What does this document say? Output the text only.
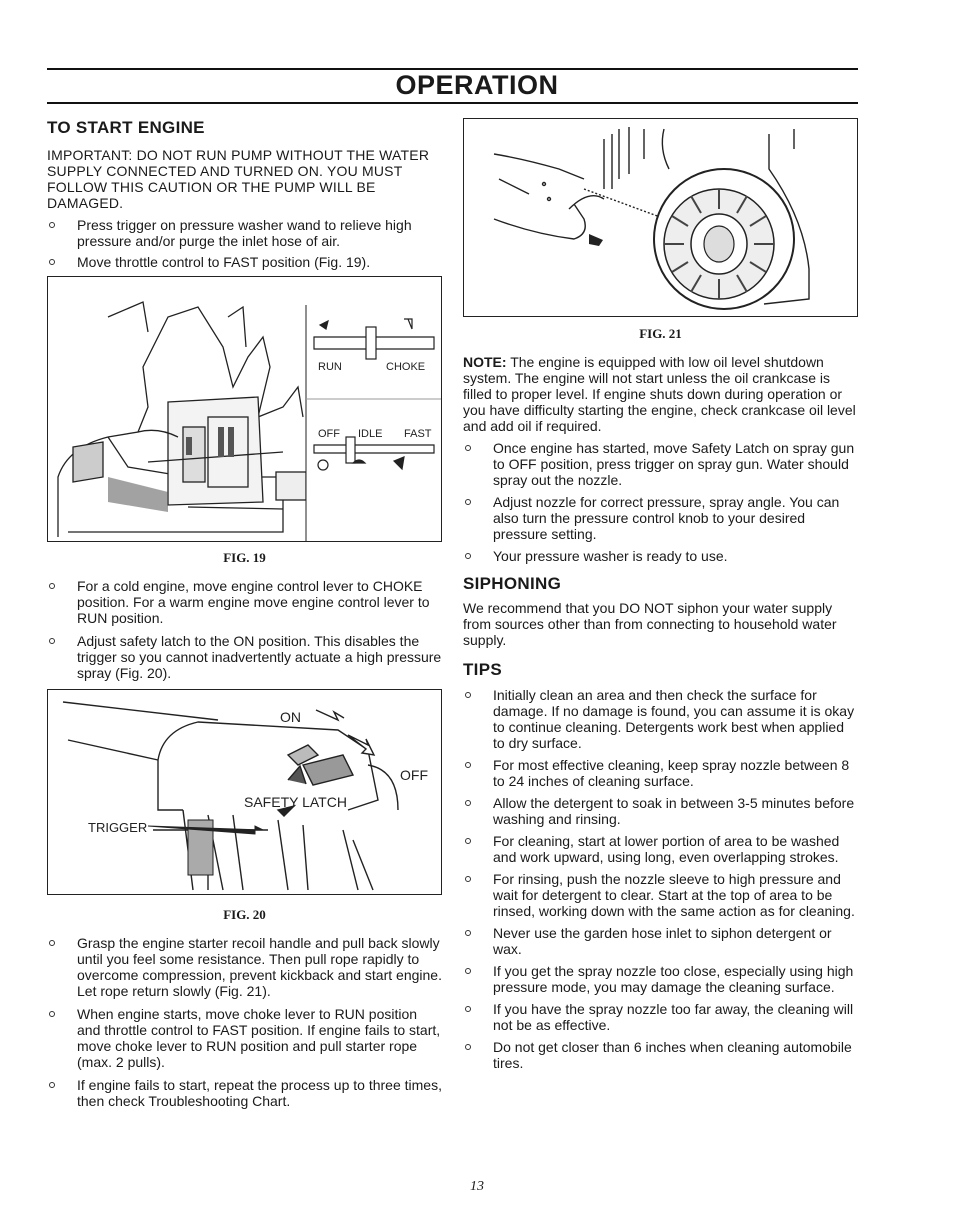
OPERATION
TO START ENGINE

IMPORTANT: DO NOT RUN PUMP WITHOUT THE WATER SUPPLY CONNECTED AND TURNED ON. YOU MUST FOLLOW THIS CAUTION OR THE PUMP WILL BE DAMAGED.

Press trigger on pressure washer wand to relieve high pressure and/or purge the inlet hose of air.
Move throttle control to FAST position (Fig. 19).
RUN	CHOKE
OFF IDLE FAST
FIG. 19
For a cold engine, move engine control lever to CHOKE position. For a warm engine move engine control lever to RUN position.
Adjust safety latch to the ON position. This disables the trigger so you cannot inadvertently actuate a high pressure spray (Fig. 20).
ON
OFF
SAFETY LATCH
TRIGGER
FIG. 20
Grasp the engine starter recoil handle and pull back slowly until you feel some resistance. Then pull rope rapidly to overcome compression, prevent kickback and start engine. Let rope return slowly (Fig. 21).
When engine starts, move choke lever to RUN position and throttle control to FAST position. If engine fails to start, move choke lever to RUN position and pull starter rope (max. 2 pulls).
If engine fails to start, repeat the process up to three times, then check Troubleshooting Chart.
FIG. 21

NOTE: The engine is equipped with low oil level shutdown system. The engine will not start unless the oil crankcase is filled to proper level. If engine shuts down during operation or you have difficulty starting the engine, check crankcase oil level and add oil if required.

Once engine has started, move Safety Latch on spray gun to OFF position, press trigger on spray gun. Water should spray out the nozzle.
Adjust nozzle for correct pressure, spray angle. You can also turn the pressure control knob to your desired pressure setting.
Your pressure washer is ready to use.
SIPHONING

We recommend that you DO NOT siphon your water supply from sources other than from connecting to household water supply.

TIPS
Initially clean an area and then check the surface for damage. If no damage is found, you can assume it is okay to continue cleaning. Detergents work best when applied to dry surface.
For most effective cleaning, keep spray nozzle between 8 to 24 inches of cleaning surface.
Allow the detergent to soak in between 3-5 minutes before washing and rinsing.
For cleaning, start at lower portion of area to be washed and work upward, using long, even overlapping strokes.
For rinsing, push the nozzle sleeve to high pressure and wait for detergent to clear. Start at the top of area to be rinsed, working down with the same action as for cleaning.
Never use the garden hose inlet to siphon detergent or wax.
If you get the spray nozzle too close, especially using high pressure mode, you may damage the cleaning surface.
If you have the spray nozzle too far away, the cleaning will not be as effective.
Do not get closer than 6 inches when cleaning automobile tires.
13
